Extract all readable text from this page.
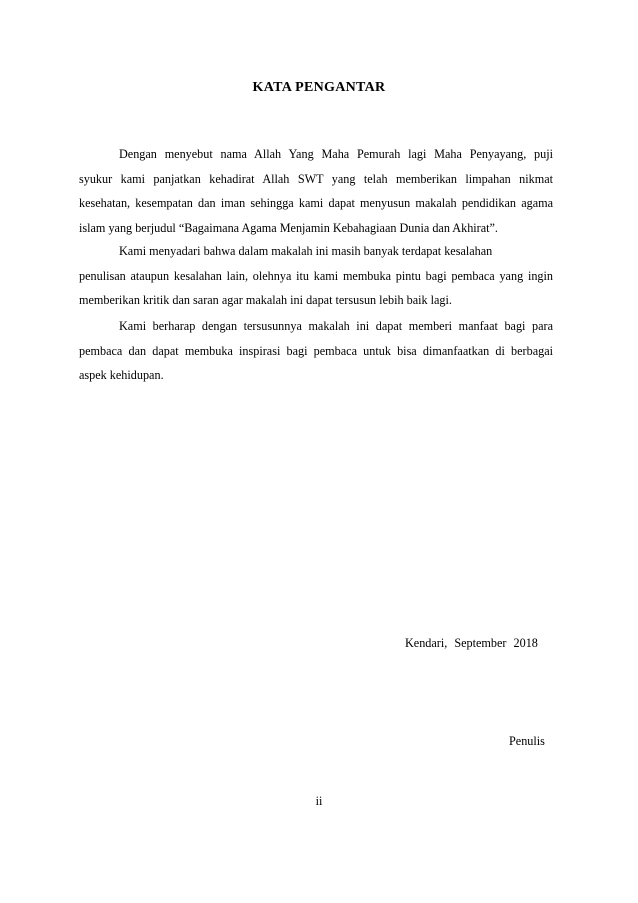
KATA PENGANTAR
Dengan menyebut nama Allah Yang Maha Pemurah lagi Maha Penyayang, puji
syukur kami panjatkan kehadirat Allah SWT yang telah memberikan limpahan nikmat
kesehatan, kesempatan dan iman sehingga kami dapat menyusun makalah pendidikan agama
islam yang berjudul “Bagaimana Agama Menjamin Kebahagiaan Dunia dan Akhirat”.
Kami menyadari bahwa dalam makalah ini masih banyak terdapat kesalahan
penulisan ataupun kesalahan lain, olehnya itu kami membuka pintu bagi pembaca yang ingin
memberikan kritik dan saran agar makalah ini dapat tersusun lebih baik lagi.
Kami berharap dengan tersusunnya makalah ini dapat memberi manfaat bagi para
pembaca dan dapat membuka inspirasi bagi pembaca untuk bisa dimanfaatkan di berbagai
aspek kehidupan.
Kendari, September 2018
Penulis
ii
